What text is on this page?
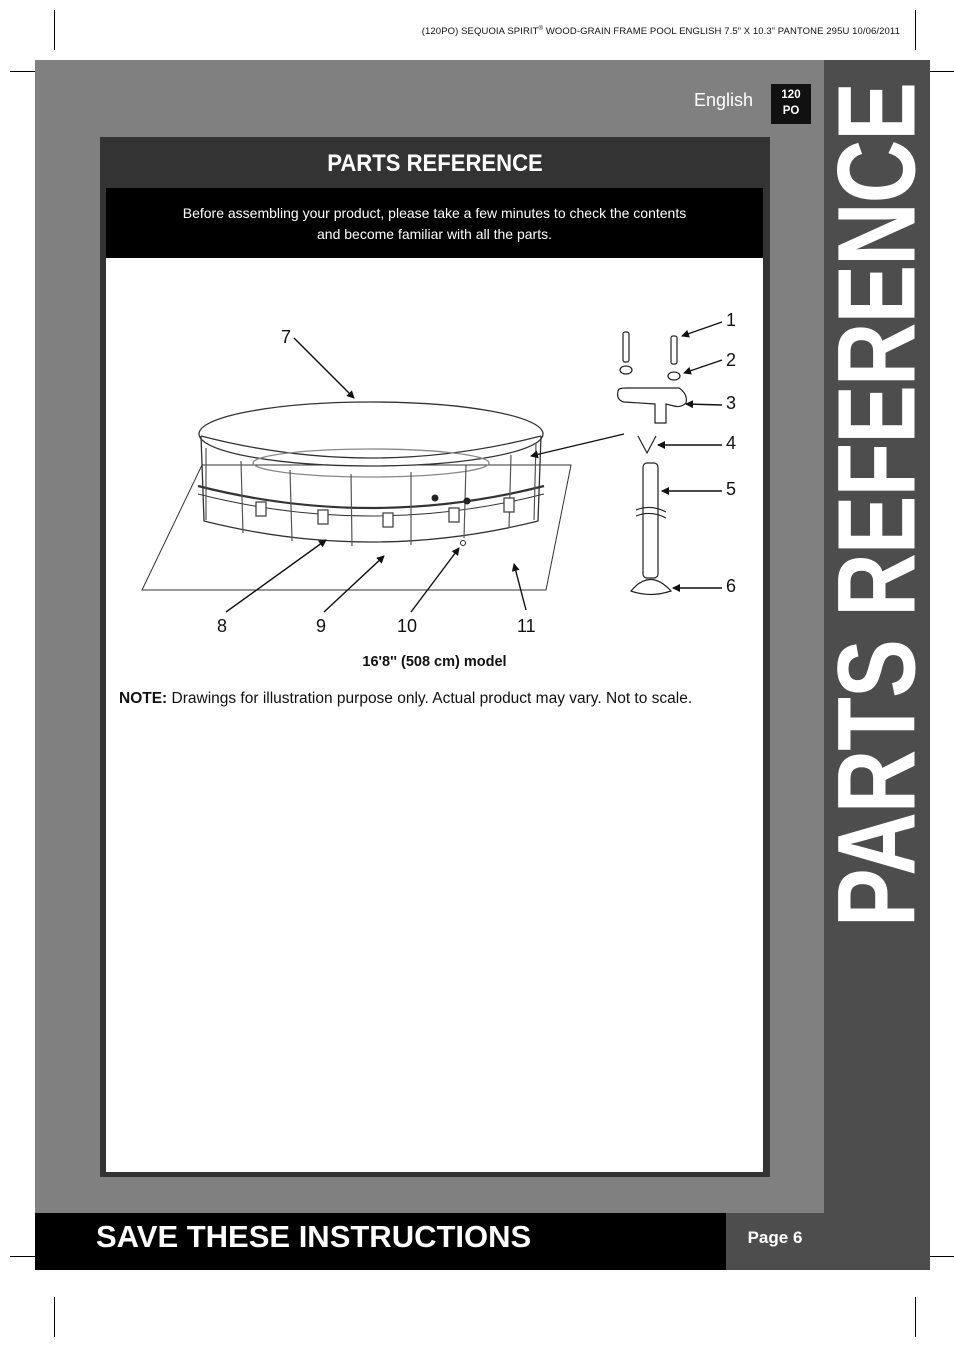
(120PO) SEQUOIA SPIRIT® WOOD-GRAIN FRAME POOL ENGLISH 7.5” X 10.3” PANTONE 295U 10/06/2011
PARTS REFERENCE
English	120
PO
PARTS REFERENCE
Before assembling your product, please take a few minutes to check the contents
and become familiar with all the parts.
1
2
3
4
5
6
7
8	9	10	11
16'8'' (508 cm) model
NOTE: Drawings for illustration purpose only. Actual product may vary. Not to scale.
SAVE THESE INSTRUCTIONS	Page 6
